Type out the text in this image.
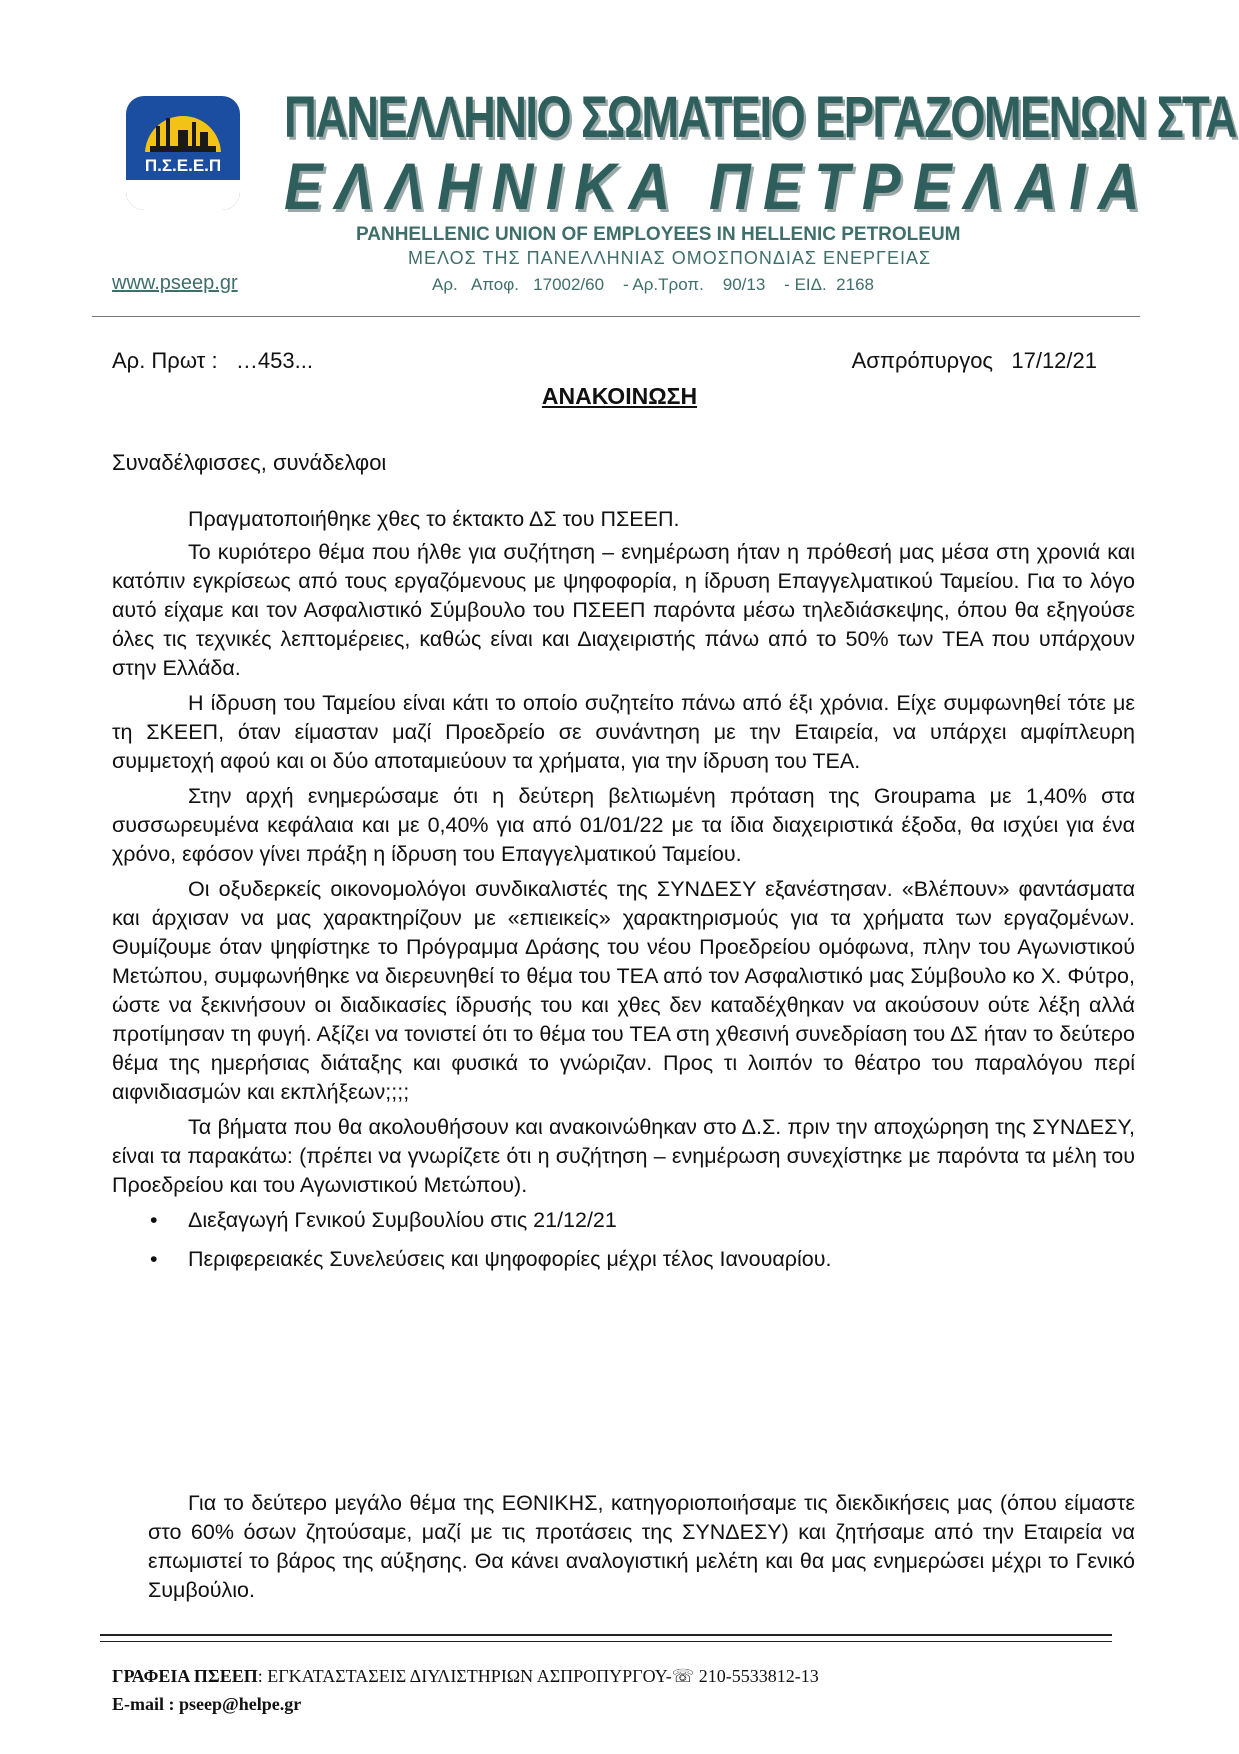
Π.Σ.Ε.Ε.Π
ΠΑΝΕΛΛΗΝΙΟ ΣΩΜΑΤΕΙΟ ΕΡΓΑΖΟΜΕΝΩΝ ΣΤΑ
ΕΛΛΗΝΙΚΑ ΠΕΤΡΕΛΑΙΑ
PANHELLENIC UNION OF EMPLOYEES IN HELLENIC PETROLEUM
ΜΕΛΟΣ ΤΗΣ ΠΑΝΕΛΛΗΝΙΑΣ ΟΜΟΣΠΟΝΔΙΑΣ ΕΝΕΡΓΕΙΑΣ
www.pseep.gr	Αρ.   Αποφ.   17002/60    - Αρ.Τροπ.    90/13    - ΕΙΔ.  2168
Αρ. Πρωτ :   …453...	Ασπρόπυργος   17/12/21
ΑΝΑΚΟΙΝΩΣΗ
Συναδέλφισσες, συνάδελφοι

Πραγματοποιήθηκε χθες το έκτακτο ΔΣ του ΠΣΕΕΠ.

Το κυριότερο θέμα που ήλθε για συζήτηση – ενημέρωση ήταν η πρόθεσή μας μέσα στη χρονιά και κατόπιν εγκρίσεως από τους εργαζόμενους με ψηφοφορία, η ίδρυση Επαγγελματικού Ταμείου. Για το λόγο αυτό είχαμε και τον Ασφαλιστικό Σύμβουλο του ΠΣΕΕΠ παρόντα μέσω τηλεδιάσκεψης, όπου θα εξηγούσε όλες τις τεχνικές λεπτομέρειες, καθώς είναι και Διαχειριστής πάνω από το 50% των ΤΕΑ που υπάρχουν στην Ελλάδα.

Η ίδρυση του Ταμείου είναι κάτι το οποίο συζητείτο πάνω από έξι χρόνια. Είχε συμφωνηθεί τότε με τη ΣΚΕΕΠ, όταν είμασταν μαζί Προεδρείο σε συνάντηση με την Εταιρεία, να υπάρχει αμφίπλευρη συμμετοχή αφού και οι δύο αποταμιεύουν τα χρήματα, για την ίδρυση του ΤΕΑ.

Στην αρχή ενημερώσαμε ότι η δεύτερη βελτιωμένη πρόταση της Groupama με 1,40% στα συσσωρευμένα κεφάλαια και με 0,40% για από 01/01/22 με τα ίδια διαχειριστικά έξοδα, θα ισχύει για ένα χρόνο, εφόσον γίνει πράξη η ίδρυση του Επαγγελματικού Ταμείου.

Οι οξυδερκείς οικονομολόγοι συνδικαλιστές της ΣΥΝΔΕΣΥ εξανέστησαν. «Βλέπουν» φαντάσματα και άρχισαν να μας χαρακτηρίζουν με «επιεικείς» χαρακτηρισμούς για τα χρήματα των εργαζομένων. Θυμίζουμε όταν ψηφίστηκε το Πρόγραμμα Δράσης του νέου Προεδρείου ομόφωνα, πλην του Αγωνιστικού Μετώπου, συμφωνήθηκε να διερευνηθεί το θέμα του ΤΕΑ από τον Ασφαλιστικό μας Σύμβουλο κο Χ. Φύτρο, ώστε να ξεκινήσουν οι διαδικασίες ίδρυσής του και χθες δεν καταδέχθηκαν να ακούσουν ούτε λέξη αλλά προτίμησαν τη φυγή. Αξίζει να τονιστεί ότι το θέμα του ΤΕΑ στη χθεσινή συνεδρίαση του ΔΣ ήταν το δεύτερο θέμα της ημερήσιας διάταξης και φυσικά το γνώριζαν. Προς τι λοιπόν το θέατρο του παραλόγου περί αιφνιδιασμών και εκπλήξεων;;;;

Τα βήματα που θα ακολουθήσουν και ανακοινώθηκαν στο Δ.Σ. πριν την αποχώρηση της ΣΥΝΔΕΣΥ, είναι τα παρακάτω: (πρέπει να γνωρίζετε ότι η συζήτηση – ενημέρωση συνεχίστηκε με παρόντα τα μέλη του Προεδρείου και του Αγωνιστικού Μετώπου).

• Διεξαγωγή Γενικού Συμβουλίου στις 21/12/21
• Περιφερειακές Συνελεύσεις και ψηφοφορίες μέχρι τέλος Ιανουαρίου.

Για το δεύτερο μεγάλο θέμα της ΕΘΝΙΚΗΣ, κατηγοριοποιήσαμε τις διεκδικήσεις μας (όπου είμαστε στο 60% όσων ζητούσαμε, μαζί με τις προτάσεις της ΣΥΝΔΕΣΥ) και ζητήσαμε από την Εταιρεία να επωμιστεί το βάρος της αύξησης. Θα κάνει αναλογιστική μελέτη και θα μας ενημερώσει μέχρι το Γενικό Συμβούλιο.

ΓΡΑΦΕΙΑ ΠΣΕΕΠ: ΕΓΚΑΤΑΣΤΑΣΕΙΣ ΔΙΥΛΙΣΤΗΡΙΩΝ ΑΣΠΡΟΠΥΡΓΟΥ-☏ 210-5533812-13
E-mail : pseep@helpe.gr
